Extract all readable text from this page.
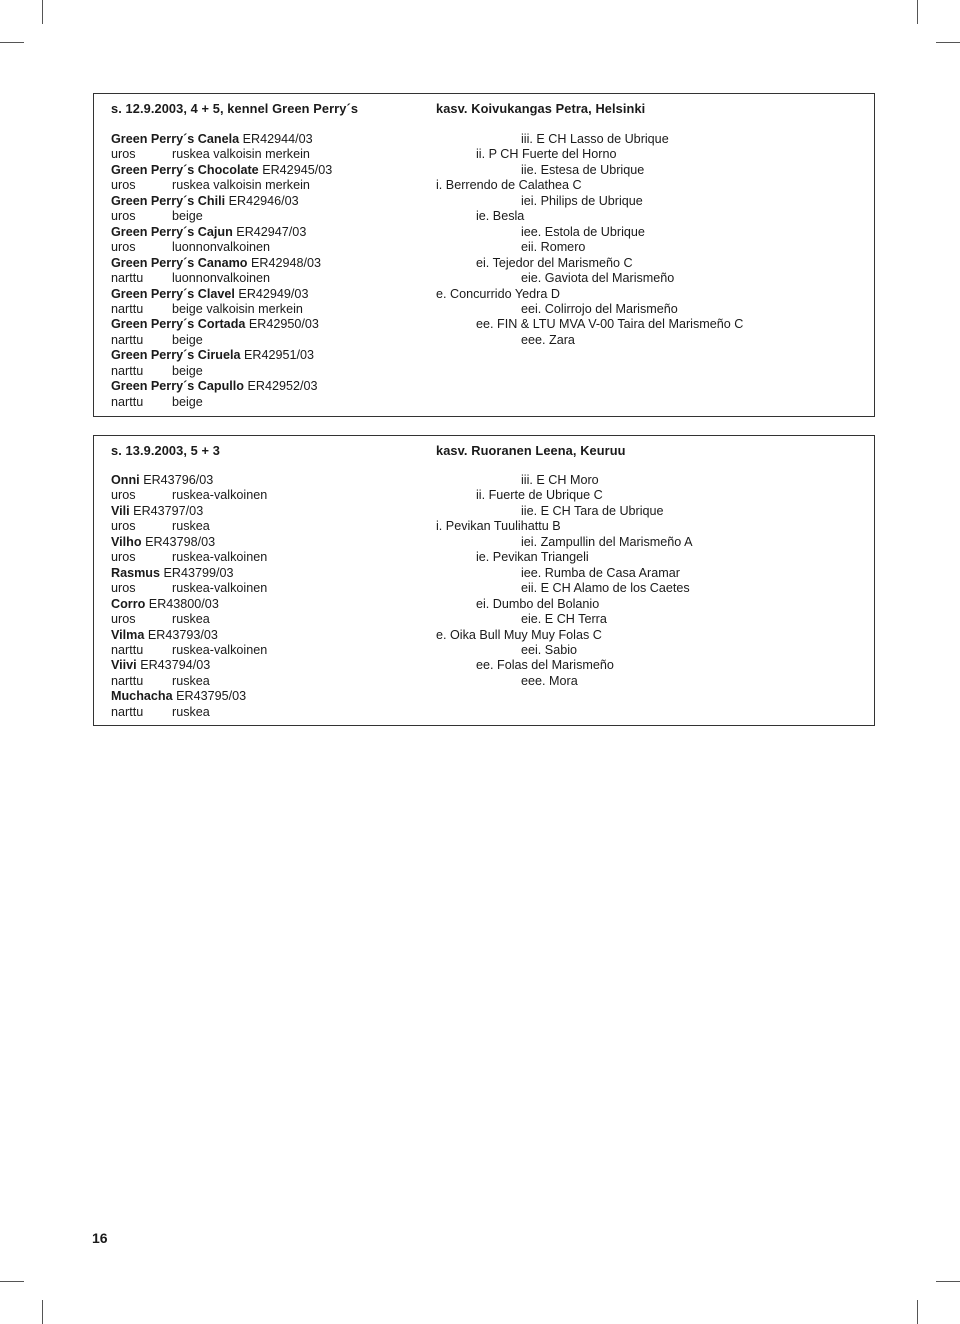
s. 12.9.2003, 4 + 5, kennel Green Perry´s	kasv. Koivukangas Petra, Helsinki
Green Perry´s Canela ER42944/03
uros	ruskea valkoisin merkein
Green Perry´s Chocolate ER42945/03
uros	ruskea valkoisin merkein
Green Perry´s Chili ER42946/03
uros	beige
Green Perry´s Cajun ER42947/03
uros	luonnonvalkoinen
Green Perry´s Canamo ER42948/03
narttu luonnonvalkoinen
Green Perry´s Clavel ER42949/03
narttu beige valkoisin merkein
Green Perry´s Cortada ER42950/03
narttu beige
Green Perry´s Ciruela ER42951/03
narttu beige
Green Perry´s Capullo ER42952/03
narttu beige
iii. E CH Lasso de Ubrique
ii. P CH Fuerte del Horno
iie. Estesa de Ubrique
i. Berrendo de Calathea C
iei. Philips de Ubrique
ie. Besla
iee. Estola de Ubrique
eii. Romero
ei. Tejedor del Marismeño C
eie. Gaviota del Marismeño
e. Concurrido Yedra D
eei. Colirrojo del Marismeño
ee. FIN & LTU MVA V-00 Taira del Marismeño C
eee. Zara
s. 13.9.2003, 5 + 3	kasv. Ruoranen Leena, Keuruu
Onni ER43796/03
uros	ruskea-valkoinen
Vili ER43797/03
uros	ruskea
Vilho ER43798/03
uros	ruskea-valkoinen
Rasmus ER43799/03
uros	ruskea-valkoinen
Corro ER43800/03
uros	ruskea
Vilma ER43793/03
narttu ruskea-valkoinen
Viivi ER43794/03
narttu ruskea
Muchacha ER43795/03
narttu ruskea
iii. E CH Moro
ii. Fuerte de Ubrique C
iie. E CH Tara de Ubrique
i. Pevikan Tuulihattu B
iei. Zampullin del Marismeño A
ie. Pevikan Triangeli
iee. Rumba de Casa Aramar
eii. E CH Alamo de los Caetes
ei. Dumbo del Bolanio
eie. E CH Terra
e. Oika Bull Muy Muy Folas C
eei. Sabio
ee. Folas del Marismeño
eee. Mora
16
